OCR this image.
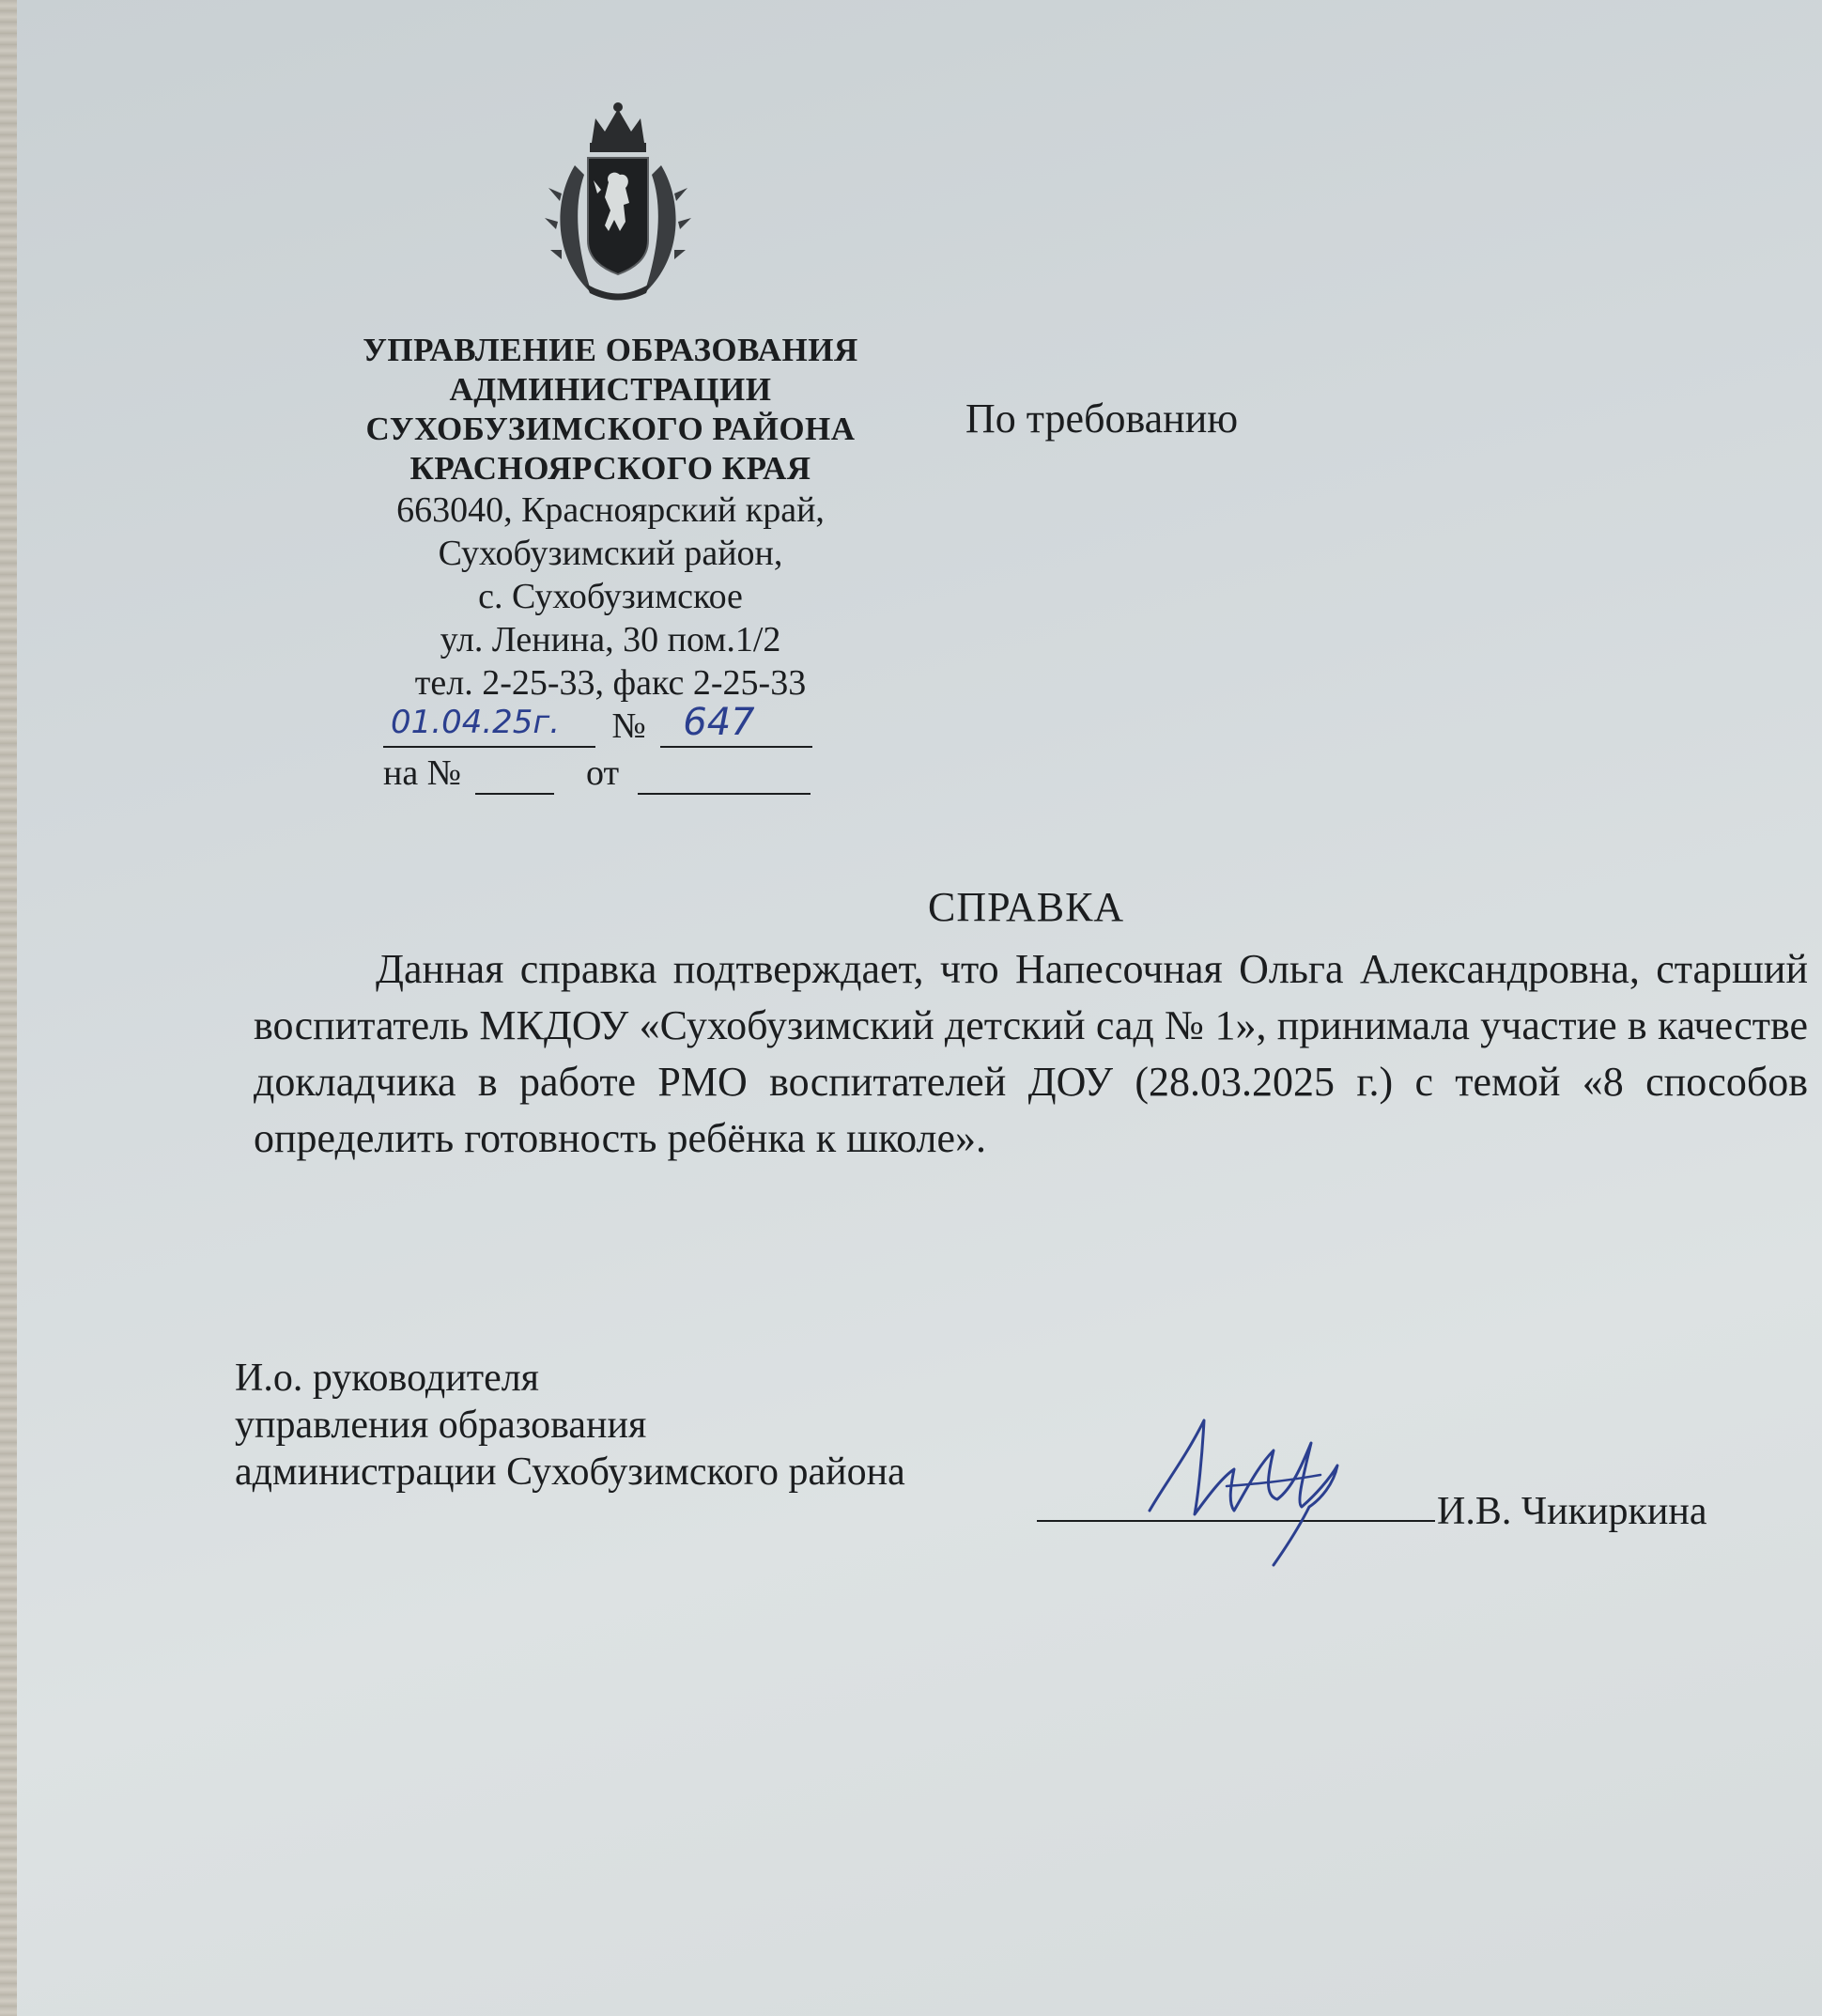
УПРАВЛЕНИЕ ОБРАЗОВАНИЯ
АДМИНИСТРАЦИИ
СУХОБУЗИМСКОГО РАЙОНА
КРАСНОЯРСКОГО КРАЯ
663040, Красноярский край,
Сухобузимский район,
с. Сухобузимское
ул. Ленина, 30 пом.1/2
тел. 2-25-33, факс 2-25-33
01.04.25г. № 647
на №	от
По требованию
СПРАВКА
Данная справка подтверждает, что Напесочная Ольга Александровна, старший воспитатель МКДОУ «Сухобузимский детский сад № 1», принимала участие в качестве докладчика в работе РМО воспитателей ДОУ (28.03.2025 г.) с темой «8 способов определить готовность ребёнка к школе».
И.о. руководителя
управления образования
администрации Сухобузимского района
И.В. Чикиркина
